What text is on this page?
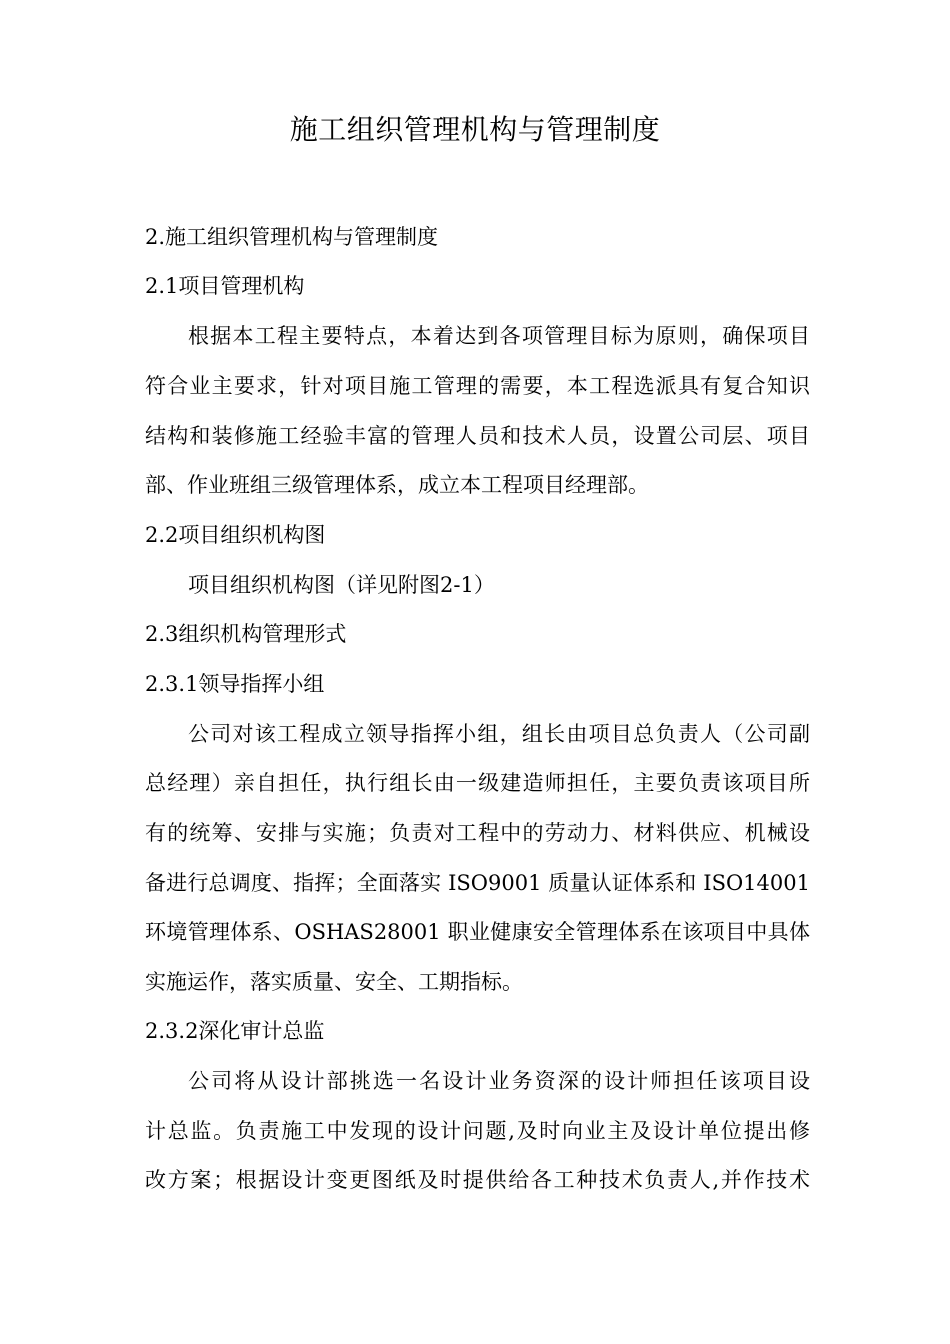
施工组织管理机构与管理制度
2.施工组织管理机构与管理制度
2.1项目管理机构
根据本工程主要特点，本着达到各项管理目标为原则，确保项目
符合业主要求，针对项目施工管理的需要，本工程选派具有复合知识
结构和装修施工经验丰富的管理人员和技术人员，设置公司层、项目
部、作业班组三级管理体系，成立本工程项目经理部。
2.2项目组织机构图
项目组织机构图（详见附图2-1）
2.3组织机构管理形式
2.3.1领导指挥小组
公司对该工程成立领导指挥小组，组长由项目总负责人（公司副
总经理）亲自担任，执行组长由一级建造师担任，主要负责该项目所
有的统筹、安排与实施；负责对工程中的劳动力、材料供应、机械设
备进行总调度、指挥；全面落实 ISO9001 质量认证体系和 ISO14001
环境管理体系、OSHAS28001 职业健康安全管理体系在该项目中具体
实施运作，落实质量、安全、工期指标。
2.3.2深化审计总监
公司将从设计部挑选一名设计业务资深的设计师担任该项目设
计总监。负责施工中发现的设计问题,及时向业主及设计单位提出修
改方案；根据设计变更图纸及时提供给各工种技术负责人,并作技术
